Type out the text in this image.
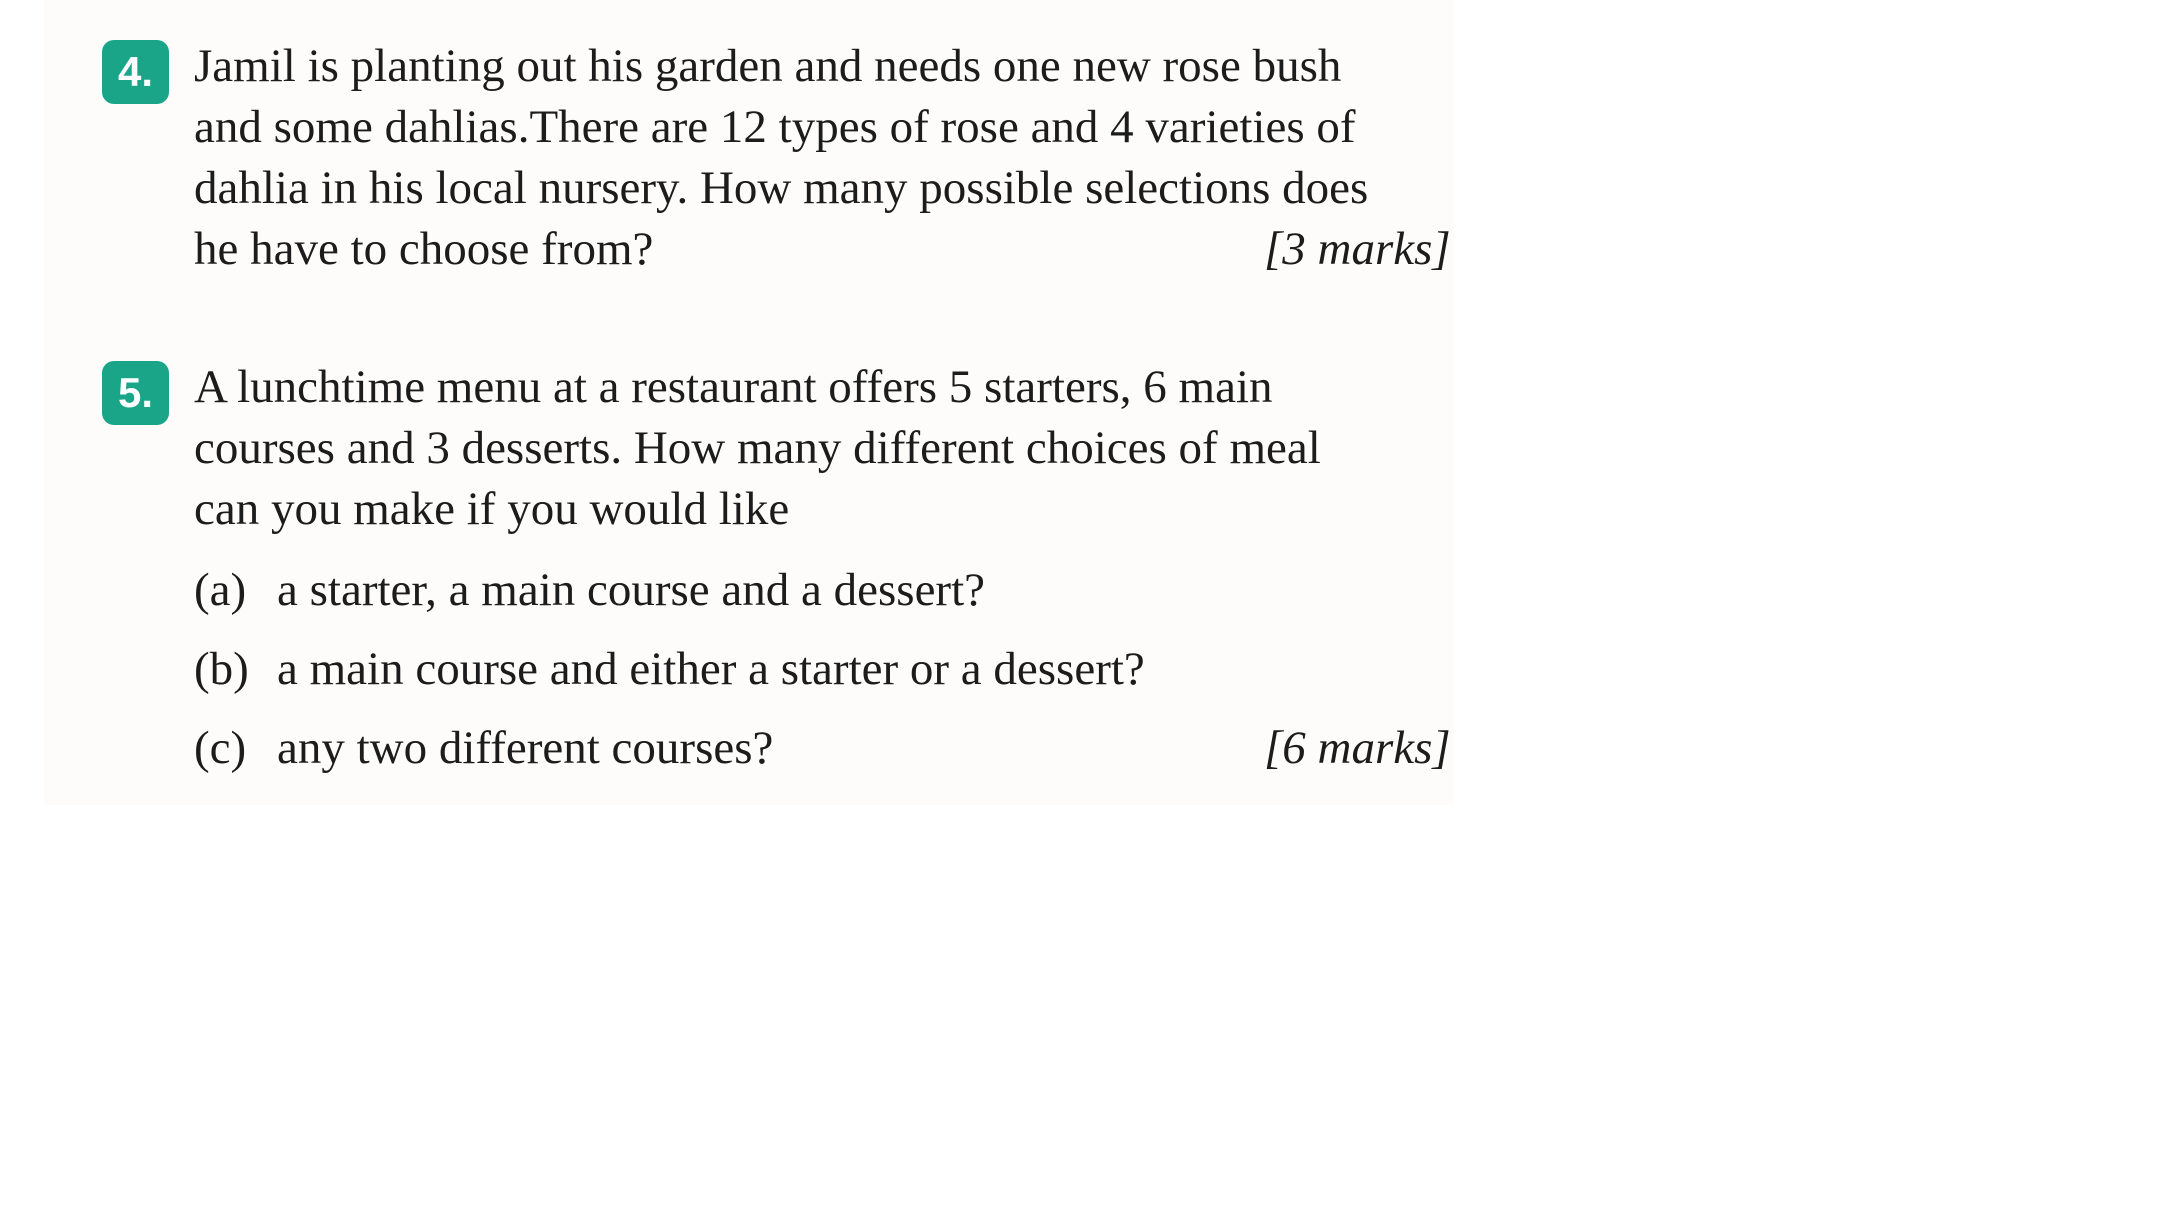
4. Jamil is planting out his garden and needs one new rose bush
and some dahlias.There are 12 types of rose and 4 varieties of
dahlia in his local nursery. How many possible selections does
he have to choose from?	[3 marks]
5. A lunchtime menu at a restaurant offers 5 starters, 6 main
courses and 3 desserts. How many different choices of meal
can you make if you would like
(a) a starter, a main course and a dessert?
(b) a main course and either a starter or a dessert?
(c) any two different courses?	[6 marks]
